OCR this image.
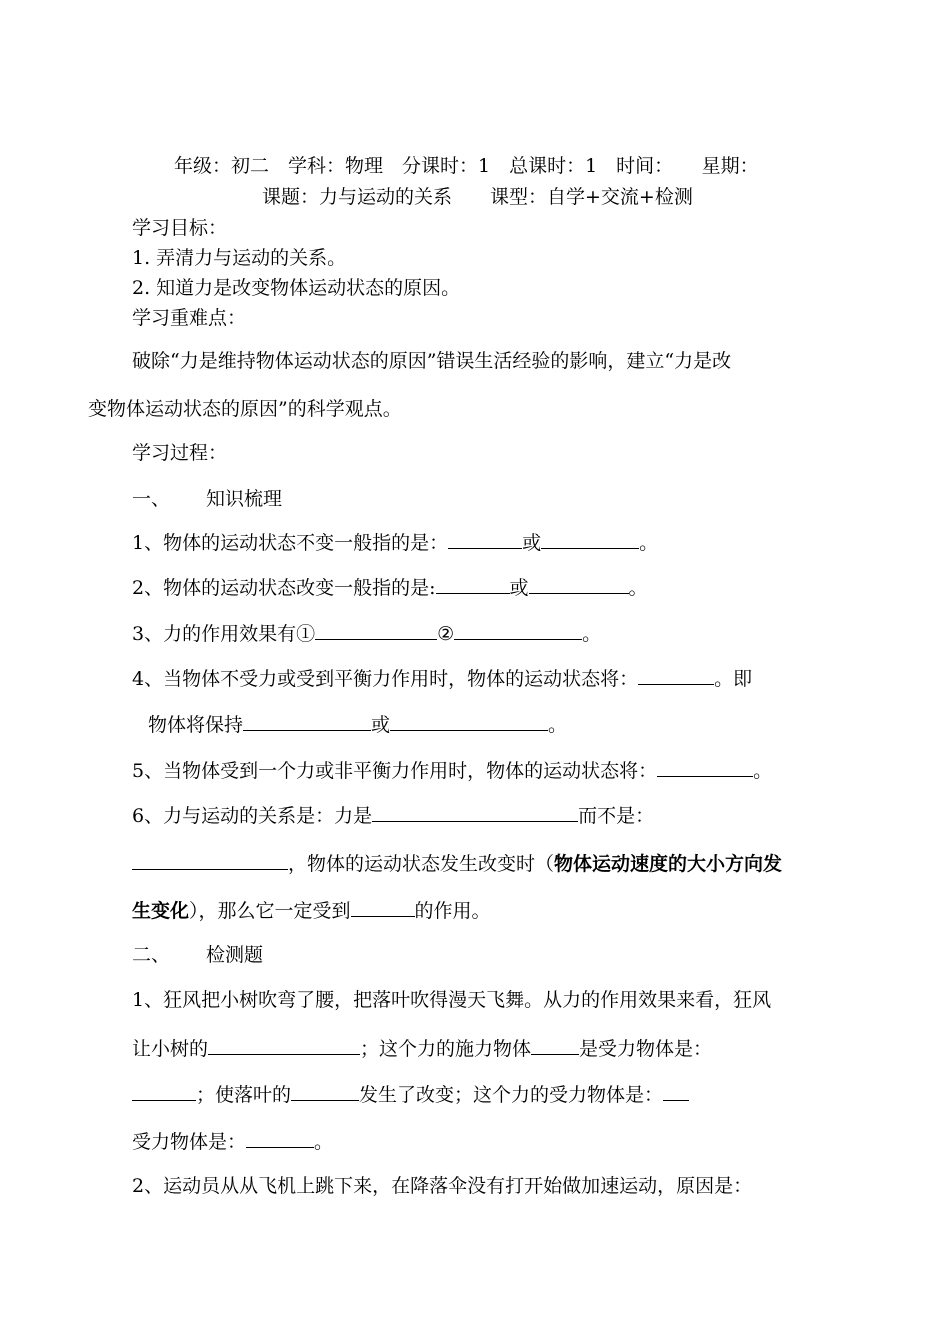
年级：初二　学科：物理　分课时：1　总课时：1　时间：　　星期：
课题：力与运动的关系　　课型：自学+交流+检测
学习目标：
1. 弄清力与运动的关系。
2. 知道力是改变物体运动状态的原因。
学习重难点：
破除“力是维持物体运动状态的原因”错误生活经验的影响，建立“力是改
变物体运动状态的原因”的科学观点。
学习过程：
一、 知识梳理
1、物体的运动状态不变一般指的是：	或	。
2、物体的运动状态改变一般指的是:	或	。
3、力的作用效果有①	②	。
4、当物体不受力或受到平衡力作用时，物体的运动状态将：	。即
物体将保持	或	。
5、当物体受到一个力或非平衡力作用时，物体的运动状态将：	。
6、力与运动的关系是：力是	而不是：
，物体的运动状态发生改变时（物体运动速度的大小方向发
生变化），那么它一定受到	的作用。
二、 检测题
1、狂风把小树吹弯了腰，把落叶吹得漫天飞舞。从力的作用效果来看，狂风
让小树的	；这个力的施力物体	是受力物体是：
；使落叶的	发生了改变；这个力的受力物体是：
受力物体是：	。
2、运动员从从飞机上跳下来，在降落伞没有打开始做加速运动，原因是：
